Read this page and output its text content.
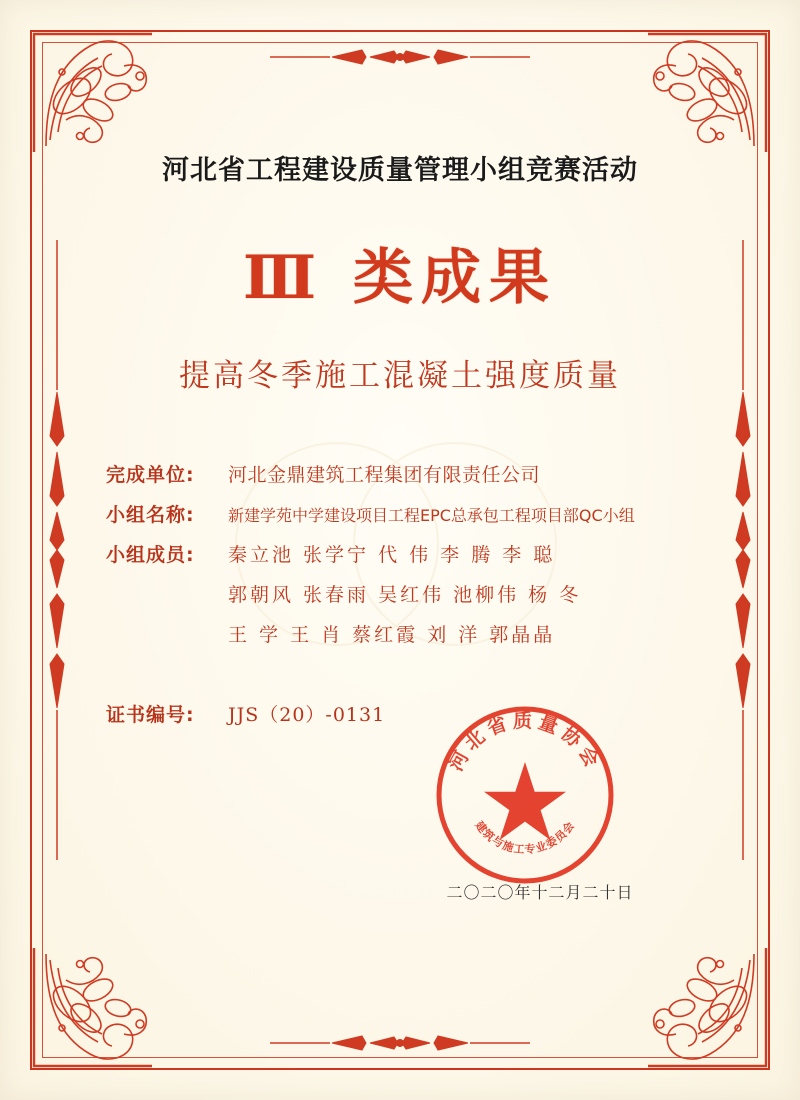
河北省工程建设质量管理小组竞赛活动
Ⅲ 类成果
提高冬季施工混凝土强度质量
完成单位:	河北金鼎建筑工程集团有限责任公司
小组名称:	新建学苑中学建设项目工程EPC总承包工程项目部QC小组
小组成员:	秦立池 张学宁 代 伟 李 腾 李 聪
郭朝风 张春雨 吴红伟 池柳伟 杨 冬
王 学 王 肖 蔡红霞 刘 洋 郭晶晶
证书编号:	JJS（20）-0131
河北省质量协会
建筑与施工专业委员会
二〇二〇年十二月二十日
